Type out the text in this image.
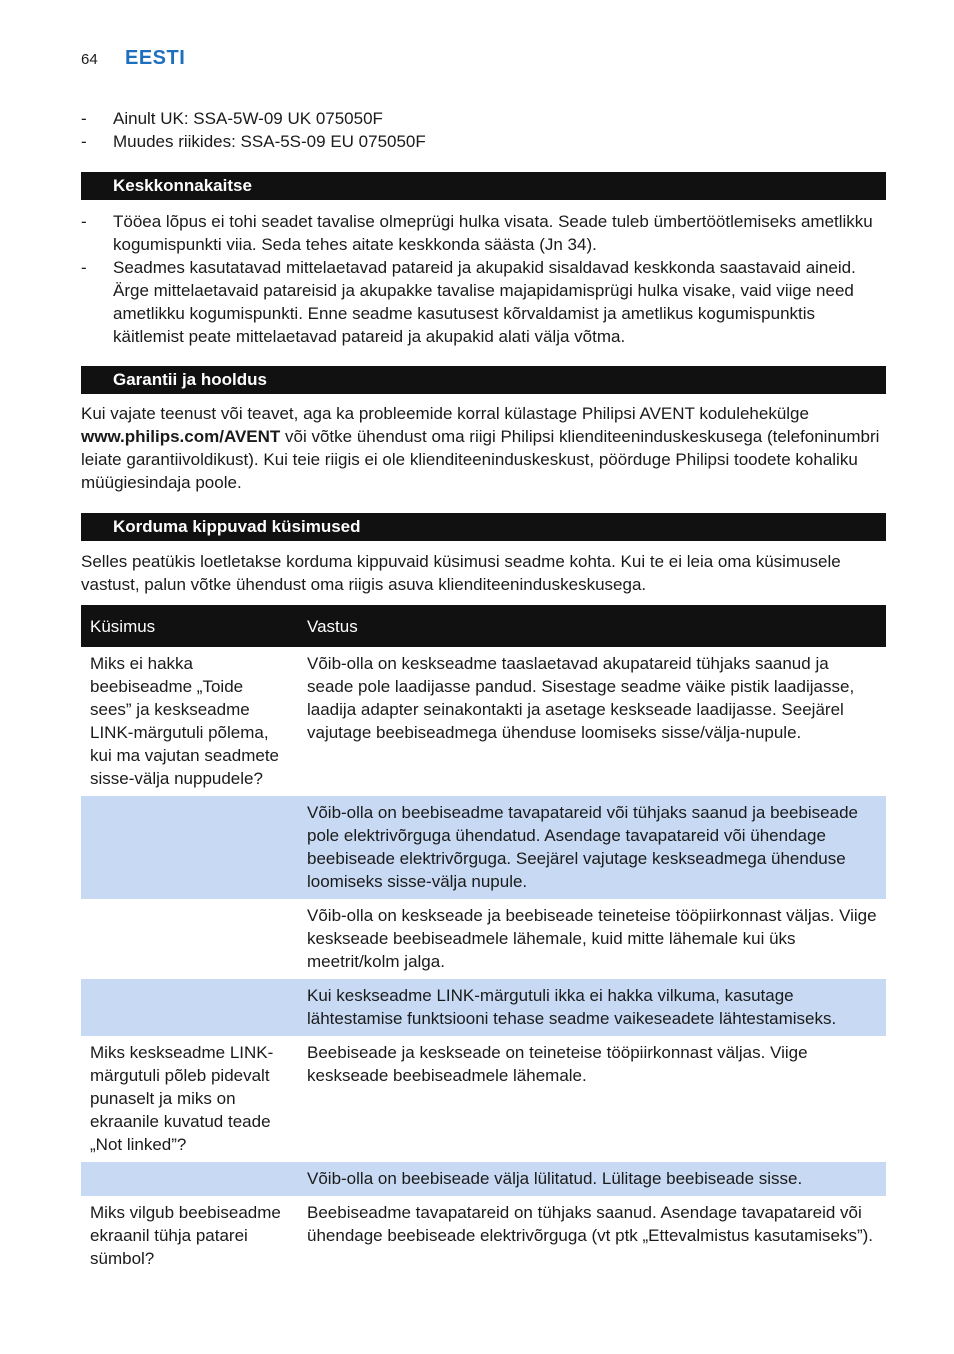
64 EESTI
- Ainult UK: SSA-5W-09 UK 075050F
- Muudes riikides: SSA-5S-09 EU 075050F
Keskkonnakaitse
- Tööea lõpus ei tohi seadet tavalise olmeprügi hulka visata. Seade tuleb ümbertöötlemiseks ametlikku kogumispunkti viia. Seda tehes aitate keskkonda säästa (Jn 34).
- Seadmes kasutatavad mittelaetavad patareid ja akupakid sisaldavad keskkonda saastavaid aineid. Ärge mittelaetavaid patareisid ja akupakke tavalise majapidamisprügi hulka visake, vaid viige need ametlikku kogumispunkti. Enne seadme kasutusest kõrvaldamist ja ametlikus kogumispunktis käitlemist peate mittelaetavad patareid ja akupakid alati välja võtma.
Garantii ja hooldus

Kui vajate teenust või teavet, aga ka probleemide korral külastage Philipsi AVENT kodulehekülge www.philips.com/AVENT või võtke ühendust oma riigi Philipsi klienditeeninduskeskusega (telefoninumbri leiate garantiivoldikust). Kui teie riigis ei ole klienditeeninduskeskust, pöörduge Philipsi toodete kohaliku müügiesindaja poole.

Korduma kippuvad küsimused

Selles peatükis loetletakse korduma kippuvaid küsimusi seadme kohta. Kui te ei leia oma küsimusele vastust, palun võtke ühendust oma riigis asuva klienditeeninduskeskusega.

Küsimus	Vastus
Miks ei hakka beebiseadme „Toide sees” ja keskseadme LINK-märgutuli põlema, kui ma vajutan seadmete sisse-välja nuppudele?	Võib-olla on keskseadme taaslaetavad akupatareid tühjaks saanud ja seade pole laadijasse pandud. Sisestage seadme väike pistik laadijasse, laadija adapter seinakontakti ja asetage keskseade laadijasse. Seejärel vajutage beebiseadmega ühenduse loomiseks sisse/välja-nupule.
	Võib-olla on beebiseadme tavapatareid või tühjaks saanud ja beebiseade pole elektrivõrguga ühendatud. Asendage tavapatareid või ühendage beebiseade elektrivõrguga. Seejärel vajutage keskseadmega ühenduse loomiseks sisse-välja nupule.
	Võib-olla on keskseade ja beebiseade teineteise tööpiirkonnast väljas. Viige keskseade beebiseadmele lähemale, kuid mitte lähemale kui üks meetrit/kolm jalga.
	Kui keskseadme LINK-märgutuli ikka ei hakka vilkuma, kasutage lähtestamise funktsiooni tehase seadme vaikeseadete lähtestamiseks.
Miks keskseadme LINK-märgutuli põleb pidevalt punaselt ja miks on ekraanile kuvatud teade „Not linked”?	Beebiseade ja keskseade on teineteise tööpiirkonnast väljas. Viige keskseade beebiseadmele lähemale.
	Võib-olla on beebiseade välja lülitatud. Lülitage beebiseade sisse.
Miks vilgub beebiseadme ekraanil tühja patarei sümbol?	Beebiseadme tavapatareid on tühjaks saanud. Asendage tavapatareid või ühendage beebiseade elektrivõrguga (vt ptk „Ettevalmistus kasutamiseks”).
